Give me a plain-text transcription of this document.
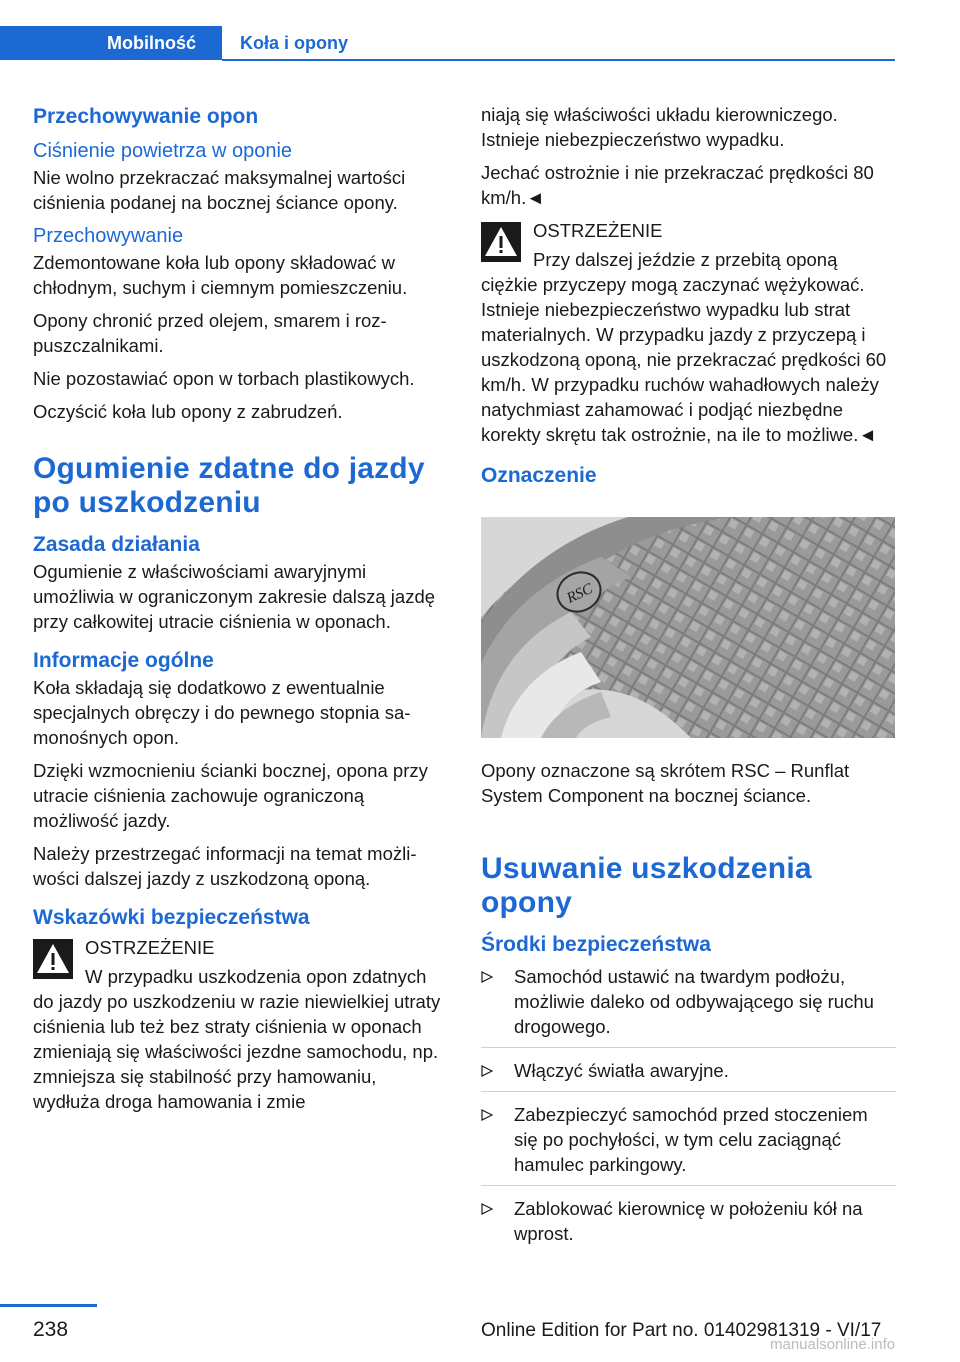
Mobilność Koła i opony
Przechowywanie opon
Ciśnienie powietrza w oponie

Nie wolno przekraczać maksymalnej wartości ciśnienia podanej na bocznej ściance opony.

Przechowywanie

Zdemontowane koła lub opony składować w chłodnym, suchym i ciemnym pomieszczeniu.

Opony chronić przed olejem, smarem i rozpuszczalnikami.

Nie pozostawiać opon w torbach plastikowych.

Oczyścić koła lub opony z zabrudzeń.

Ogumienie zdatne do jazdy po uszkodzeniu
Zasada działania

Ogumienie z właściwościami awaryjnymi umożliwia w ograniczonym zakresie dalszą jazdę przy całkowitej utracie ciśnienia w oponach.

Informacje ogólne

Koła składają się dodatkowo z ewentualnie specjalnych obręczy i do pewnego stopnia samonośnych opon.

Dzięki wzmocnieniu ścianki bocznej, opona przy utracie ciśnienia zachowuje ograniczoną możliwość jazdy.

Należy przestrzegać informacji na temat możliwości dalszej jazdy z uszkodzoną oponą.

Wskazówki bezpieczeństwa
OSTRZEŻENIE

W przypadku uszkodzenia opon zdatnych do jazdy po uszkodzeniu w razie niewielkiej utraty ciśnienia lub też bez straty ciśnienia w oponach zmieniają się właściwości jezdne samochodu, np. zmniejsza się stabilność przy hamowaniu, wydłuża droga hamowania i zmie

niają się właściwości układu kierowniczego. Istnieje niebezpieczeństwo wypadku.

Jechać ostrożnie i nie przekraczać prędkości 80 km/h.◄

OSTRZEŻENIE

Przy dalszej jeździe z przebitą oponą ciężkie przyczepy mogą zaczynać wężykować. Istnieje niebezpieczeństwo wypadku lub strat materialnych. W przypadku jazdy z przyczepą i uszkodzoną oponą, nie przekraczać prędkości 60 km/h. W przypadku ruchów wahadłowych należy natychmiast zahamować i podjąć niezbędne korekty skrętu tak ostrożnie, na ile to możliwe.◄

Oznaczenie
RSC

Opony oznaczone są skrótem RSC – Runflat System Component na bocznej ściance.

Usuwanie uszkodzenia opony
Środki bezpieczeństwa
Samochód ustawić na twardym podłożu, możliwie daleko od odbywającego się ruchu drogowego.
Włączyć światła awaryjne.
Zabezpieczyć samochód przed stoczeniem się po pochyłości, w tym celu zaciągnąć hamulec parkingowy.
Zablokować kierownicę w położeniu kół na wprost.
238	Online Edition for Part no. 01402981319 - VI/17
manualsonline.info
